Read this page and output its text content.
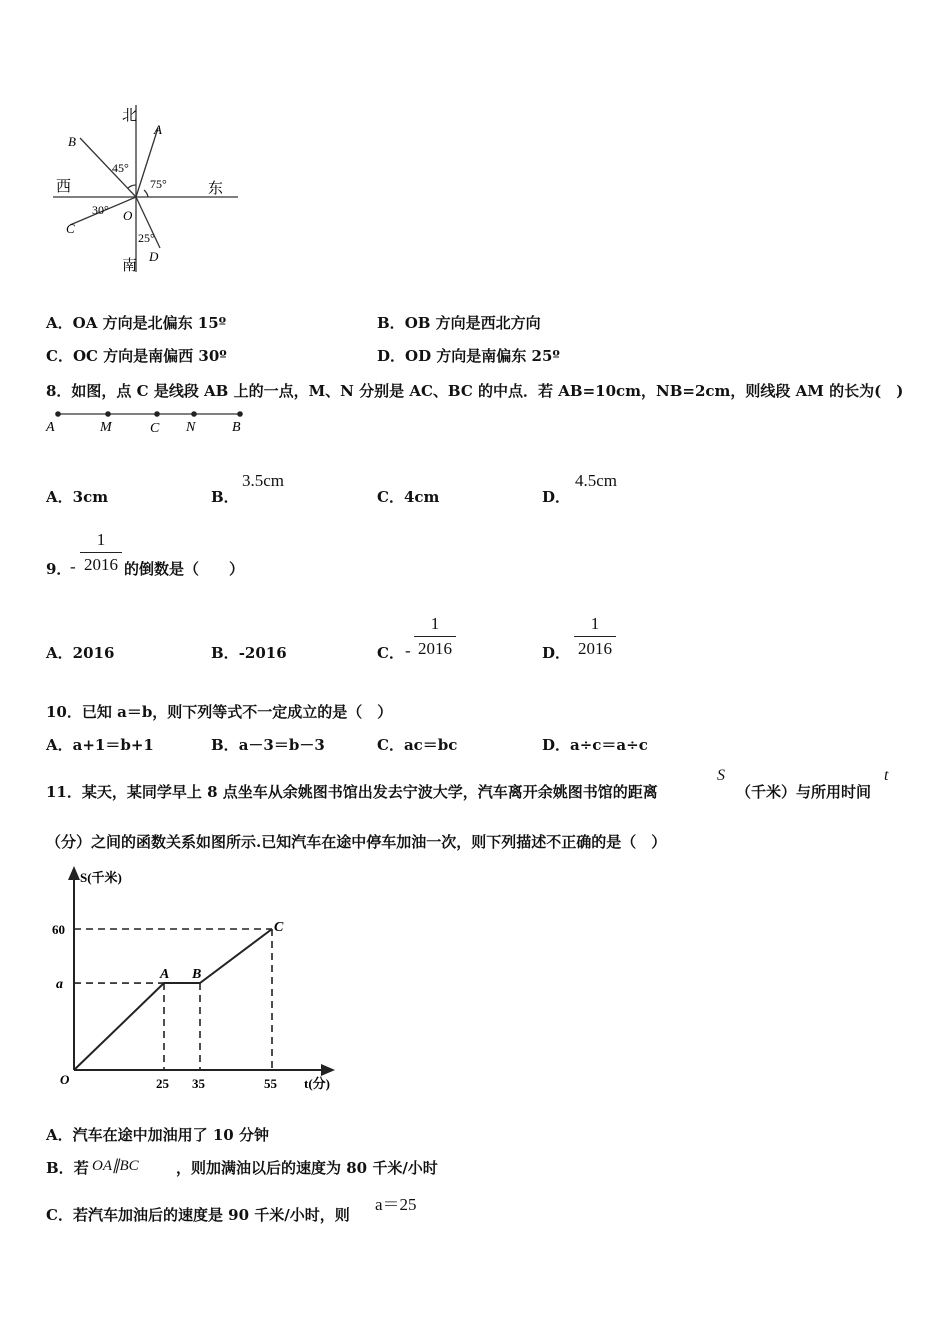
北
南
西	东
A
B
C
D
O
45°
75°
30°
25°
A．OA 方向是北偏东 15º	B．OB 方向是西北方向
C．OC 方向是南偏西 30º	D．OD 方向是南偏东 25º
8．如图，点 C 是线段 AB 上的一点，M、N 分别是 AC、BC 的中点．若 AB=10cm，NB=2cm，则线段 AM 的长为(　)
A	M	C N	B
A．3cm	B．
3.5cm
C．4cm	D．
4.5cm
9．
-
1
2016 的倒数是（　　）
A．2016	B．-2016	C． -
1
2016	D．
1
2016
10．已知 a＝b，则下列等式不一定成立的是（　）
A．a+1＝b+1	B．a－3＝b－3	C．ac＝bc	D．a÷c＝a÷c
11．某天，某同学早上 8 点坐车从余姚图书馆出发去宁波大学，汽车离开余姚图书馆的距离
S
（千米）与所用时间
t
（分）之间的函数关系如图所示.已知汽车在途中停车加油一次，则下列描述不正确的是（　）
S(千米)
t(分)
O
60
a
25 35	55
A B
C
A．汽车在途中加油用了 10 分钟
B．若 OA∥BC ，则加满油以后的速度为 80 千米/小时
C．若汽车加油后的速度是 90 千米/小时，则
a＝25
